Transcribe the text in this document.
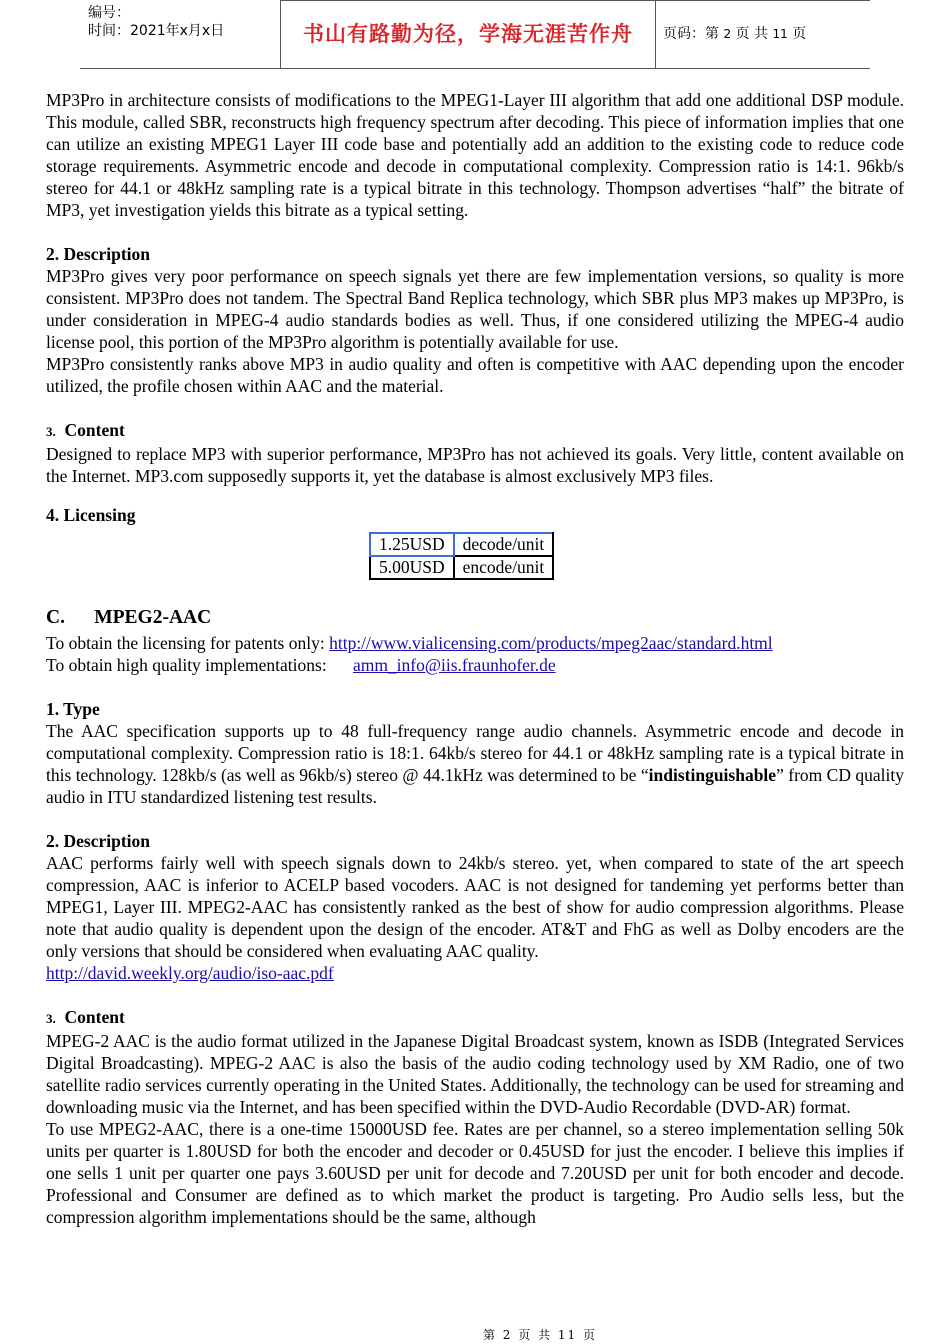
编号：
时间：2021年x月x日	书山有路勤为径，学海无涯苦作舟	页码：第 2 页 共 11 页

MP3Pro in architecture consists of modifications to the MPEG1-Layer III algorithm that add one additional DSP module. This module, called SBR, reconstructs high frequency spectrum after decoding. This piece of information implies that one can utilize an existing MPEG1 Layer III code base and potentially add an addition to the existing code to reduce code storage requirements. Asymmetric encode and decode in computational complexity. Compression ratio is 14:1. 96kb/s stereo for 44.1 or 48kHz sampling rate is a typical bitrate in this technology. Thompson advertises “half” the bitrate of MP3, yet investigation yields this bitrate as a typical setting.

2. Description

MP3Pro gives very poor performance on speech signals yet there are few implementation versions, so quality is more consistent. MP3Pro does not tandem. The Spectral Band Replica technology, which SBR plus MP3 makes up MP3Pro, is under consideration in MPEG-4 audio standards bodies as well. Thus, if one considered utilizing the MPEG-4 audio license pool, this portion of the MP3Pro algorithm is potentially available for use.

MP3Pro consistently ranks above MP3 in audio quality and often is competitive with AAC depending upon the encoder utilized, the profile chosen within AAC and the material.

3. Content

Designed to replace MP3 with superior performance, MP3Pro has not achieved its goals. Very little, content available on the Internet. MP3.com supposedly supports it, yet the database is almost exclusively MP3 files.

4. Licensing
1.25USD	decode/unit
5.00USD	encode/unit
C.      MPEG2-AAC

To obtain the licensing for patents only: http://www.vialicensing.com/products/mpeg2aac/standard.html

To obtain high quality implementations:      amm_info@iis.fraunhofer.de

1. Type

The AAC specification supports up to 48 full-frequency range audio channels. Asymmetric encode and decode in computational complexity. Compression ratio is 18:1. 64kb/s stereo for 44.1 or 48kHz sampling rate is a typical bitrate in this technology. 128kb/s (as well as 96kb/s) stereo @ 44.1kHz was determined to be “indistinguishable” from CD quality audio in ITU standardized listening test results.

2. Description

AAC performs fairly well with speech signals down to 24kb/s stereo. yet, when compared to state of the art speech compression, AAC is inferior to ACELP based vocoders. AAC is not designed for tandeming yet performs better than MPEG1, Layer III. MPEG2-AAC has consistently ranked as the best of show for audio compression algorithms. Please note that audio quality is dependent upon the design of the encoder. AT&T and FhG as well as Dolby encoders are the only versions that should be considered when evaluating AAC quality.

http://david.weekly.org/audio/iso-aac.pdf

3. Content

MPEG-2 AAC is the audio format utilized in the Japanese Digital Broadcast system, known as ISDB (Integrated Services Digital Broadcasting). MPEG-2 AAC is also the basis of the audio coding technology used by XM Radio, one of two satellite radio services currently operating in the United States. Additionally, the technology can be used for streaming and downloading music via the Internet, and has been specified within the DVD-Audio Recordable (DVD-AR) format.

To use MPEG2-AAC, there is a one-time 15000USD fee. Rates are per channel, so a stereo implementation selling 50k units per quarter is 1.80USD for both the encoder and decoder or 0.45USD for just the encoder. I believe this implies if one sells 1 unit per quarter one pays 3.60USD per unit for decode and 7.20USD per unit for both encoder and decode. Professional and Consumer are defined as to which market the product is targeting. Pro Audio sells less, but the compression algorithm implementations should be the same, although

第 2 页 共 11 页
